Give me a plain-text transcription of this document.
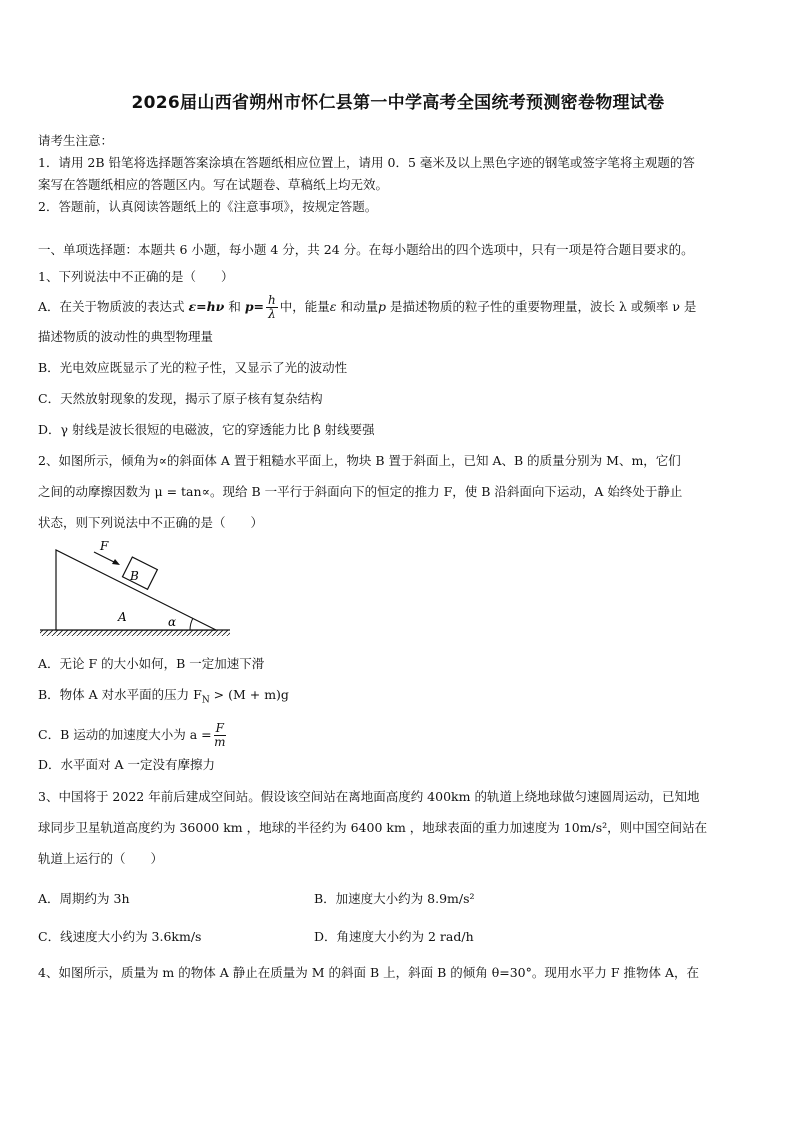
2026届山西省朔州市怀仁县第一中学高考全国统考预测密卷物理试卷
请考生注意：
1．请用 2B 铅笔将选择题答案涂填在答题纸相应位置上，请用 0．5 毫米及以上黑色字迹的钢笔或签字笔将主观题的答
案写在答题纸相应的答题区内。写在试题卷、草稿纸上均无效。
2．答题前，认真阅读答题纸上的《注意事项》，按规定答题。
一、单项选择题：本题共 6 小题，每小题 4 分，共 24 分。在每小题给出的四个选项中，只有一项是符合题目要求的。
1、下列说法中不正确的是（　　）
A．在关于物质波的表达式 ε=hν 和 $p= \frac{h}{\lambda}$ 中，能量ε 和动量p 是描述物质的粒子性的重要物理量，波长 λ 或频率 ν 是
描述物质的波动性的典型物理量
B．光电效应既显示了光的粒子性，又显示了光的波动性
C．天然放射现象的发现，揭示了原子核有复杂结构
D．γ 射线是波长很短的电磁波，它的穿透能力比 β 射线要强
2、如图所示，倾角为∝的斜面体 A 置于粗糙水平面上，物块 B 置于斜面上，已知 A、B 的质量分别为 M、m，它们
之间的动摩擦因数为 μ = tan∝。现给 B 一平行于斜面向下的恒定的推力 F，使 B 沿斜面向下运动，A 始终处于静止
状态，则下列说法中不正确的是（　　）
F
B
A	α
A．无论 F 的大小如何，B 一定加速下滑
B．物体 A 对水平面的压力 $F_N > (M + m)g$
C．B 运动的加速度大小为 $a = \frac{F}{m}$
D．水平面对 A 一定没有摩擦力
3、中国将于 2022 年前后建成空间站。假设该空间站在离地面高度约 400km 的轨道上绕地球做匀速圆周运动，已知地
球同步卫星轨道高度约为 36000 km ，地球的半径约为 6400 km ，地球表面的重力加速度为 10m/s²，则中国空间站在
轨道上运行的（　　）
A．周期约为 3h	B．加速度大小约为 8.9m/s²
C．线速度大小约为 3.6km/s	D．角速度大小约为 2 rad/h
4、如图所示，质量为 m 的物体 A 静止在质量为 M 的斜面 B 上，斜面 B 的倾角 θ=30°。现用水平力 F 推物体 A，在
